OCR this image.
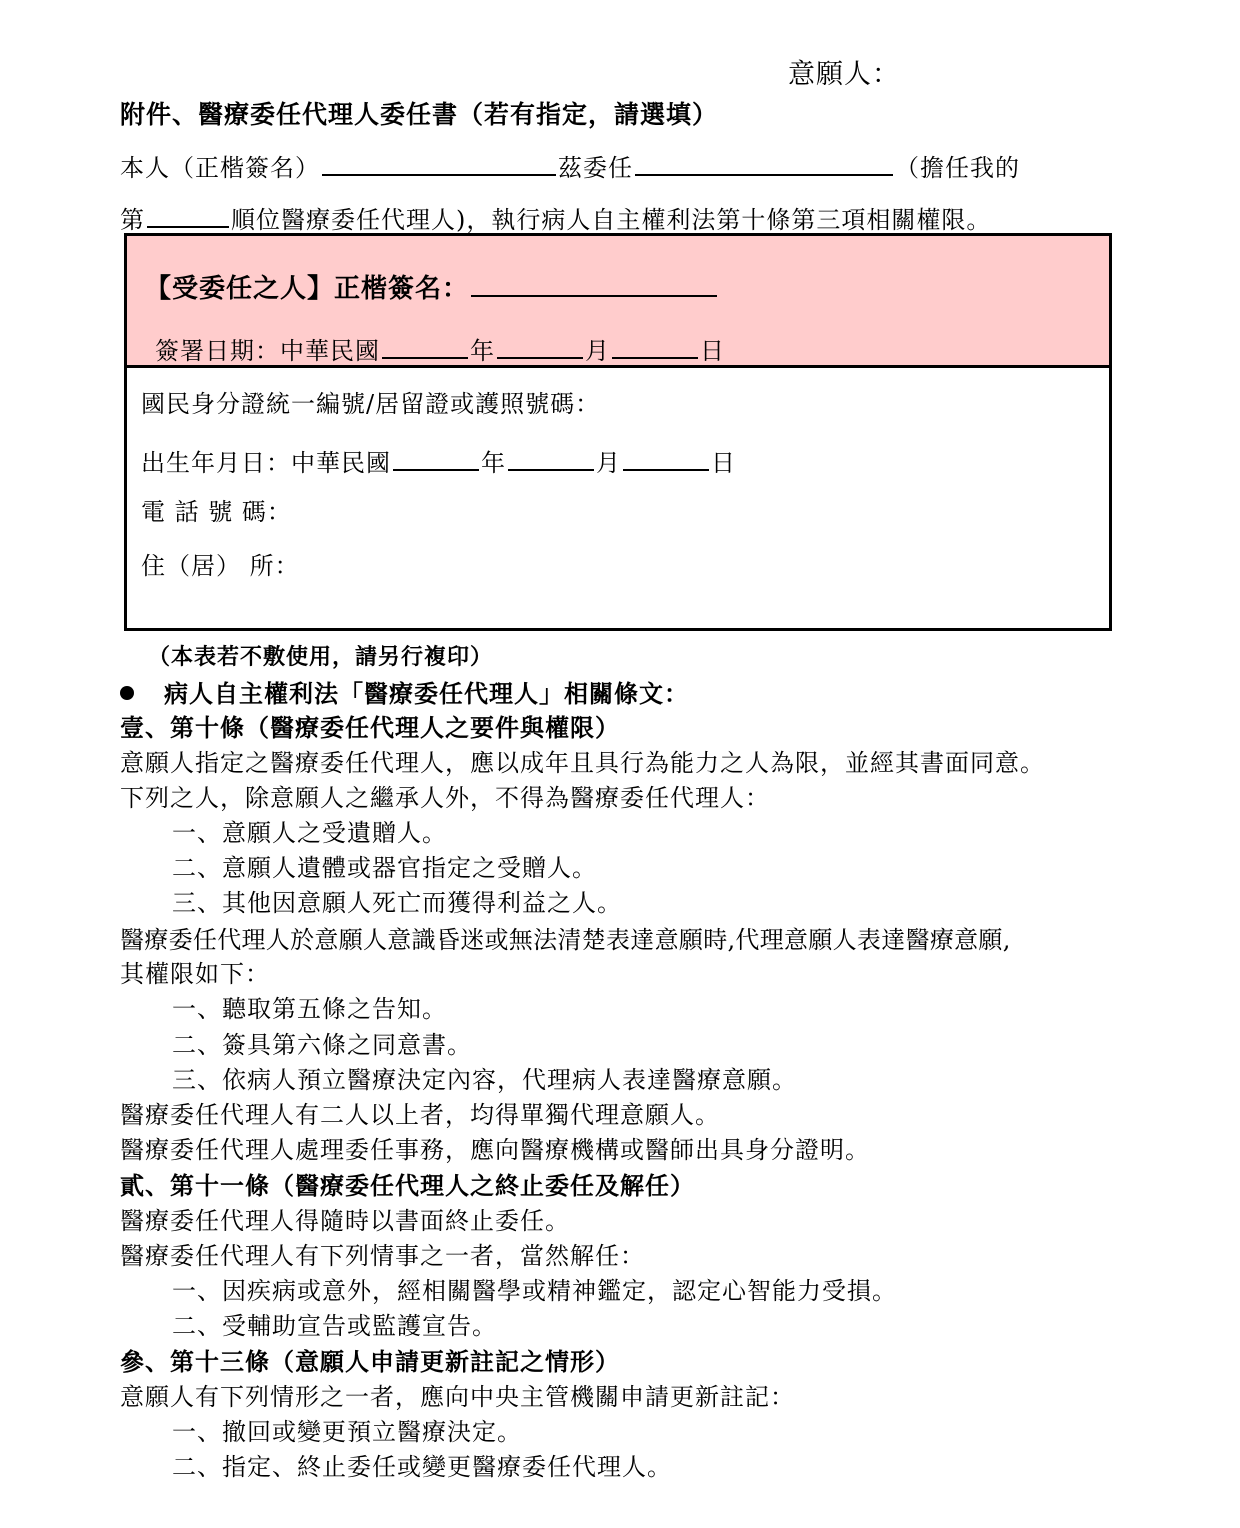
意願人：
附件、醫療委任代理人委任書（若有指定，請選填）
本人（正楷簽名）	茲委任	（擔任我的
第	順位醫療委任代理人)，執行病人自主權利法第十條第三項相關權限。
【受委任之人】正楷簽名：
簽署日期：中華民國	年	月	日
國民身分證統一編號/居留證或護照號碼：
出生年月日：中華民國	年	月	日
電 話 號 碼：
住（居） 所：
（本表若不敷使用，請另行複印）
病人自主權利法「醫療委任代理人」相關條文：
壹、第十條（醫療委任代理人之要件與權限）
意願人指定之醫療委任代理人，應以成年且具行為能力之人為限，並經其書面同意。
下列之人，除意願人之繼承人外，不得為醫療委任代理人：
一、意願人之受遺贈人。
二、意願人遺體或器官指定之受贈人。
三、其他因意願人死亡而獲得利益之人。
醫療委任代理人於意願人意識昏迷或無法清楚表達意願時,代理意願人表達醫療意願,
其權限如下：
一、聽取第五條之告知。
二、簽具第六條之同意書。
三、依病人預立醫療決定內容，代理病人表達醫療意願。
醫療委任代理人有二人以上者，均得單獨代理意願人。
醫療委任代理人處理委任事務，應向醫療機構或醫師出具身分證明。
貳、第十一條（醫療委任代理人之終止委任及解任）
醫療委任代理人得隨時以書面終止委任。
醫療委任代理人有下列情事之一者，當然解任：
一、因疾病或意外，經相關醫學或精神鑑定，認定心智能力受損。
二、受輔助宣告或監護宣告。
參、第十三條（意願人申請更新註記之情形）
意願人有下列情形之一者，應向中央主管機關申請更新註記：
一、撤回或變更預立醫療決定。
二、指定、終止委任或變更醫療委任代理人。
